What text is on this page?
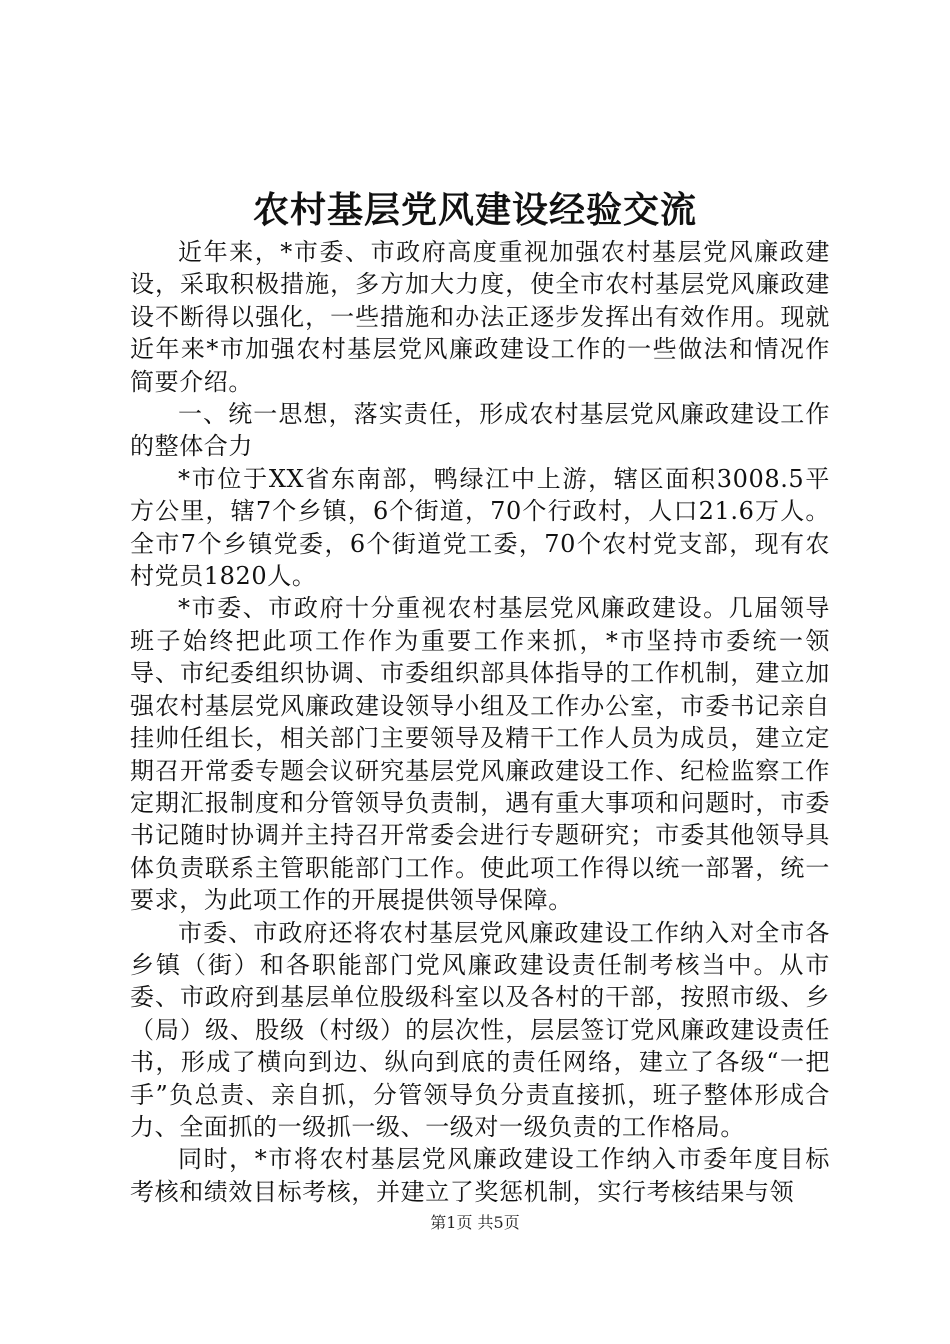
农村基层党风建设经验交流

近年来，*市委、市政府高度重视加强农村基层党风廉政建设，采取积极措施，多方加大力度，使全市农村基层党风廉政建设不断得以强化，一些措施和办法正逐步发挥出有效作用。现就近年来*市加强农村基层党风廉政建设工作的一些做法和情况作简要介绍。

一、统一思想，落实责任，形成农村基层党风廉政建设工作的整体合力

*市位于XX省东南部，鸭绿江中上游，辖区面积3008.5平方公里，辖7个乡镇，6个街道，70个行政村，人口21.6万人。全市7个乡镇党委，6个街道党工委，70个农村党支部，现有农村党员1820人。

*市委、市政府十分重视农村基层党风廉政建设。几届领导班子始终把此项工作作为重要工作来抓，*市坚持市委统一领导、市纪委组织协调、市委组织部具体指导的工作机制，建立加强农村基层党风廉政建设领导小组及工作办公室，市委书记亲自挂帅任组长，相关部门主要领导及精干工作人员为成员，建立定期召开常委专题会议研究基层党风廉政建设工作、纪检监察工作定期汇报制度和分管领导负责制，遇有重大事项和问题时，市委书记随时协调并主持召开常委会进行专题研究；市委其他领导具体负责联系主管职能部门工作。使此项工作得以统一部署，统一要求，为此项工作的开展提供领导保障。

市委、市政府还将农村基层党风廉政建设工作纳入对全市各乡镇（街）和各职能部门党风廉政建设责任制考核当中。从市委、市政府到基层单位股级科室以及各村的干部，按照市级、乡（局）级、股级（村级）的层次性，层层签订党风廉政建设责任书，形成了横向到边、纵向到底的责任网络，建立了各级“一把手”负总责、亲自抓，分管领导负分责直接抓，班子整体形成合力、全面抓的一级抓一级、一级对一级负责的工作格局。

同时，*市将农村基层党风廉政建设工作纳入市委年度目标考核和绩效目标考核，并建立了奖惩机制，实行考核结果与领

第1页 共5页
